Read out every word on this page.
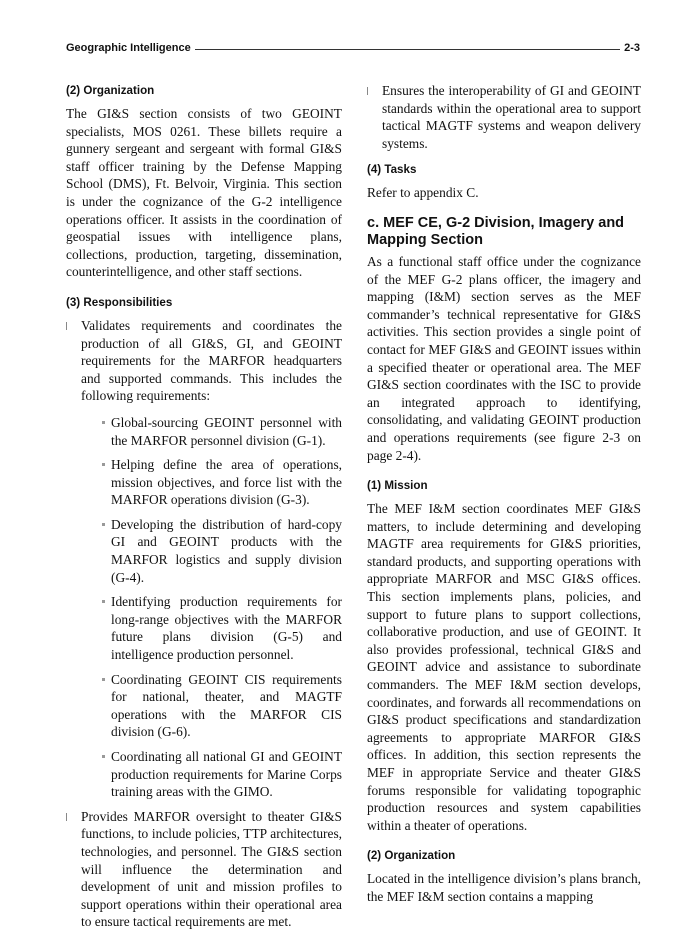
Geographic Intelligence	2-3
(2) Organization
The GI&S section consists of two GEOINT specialists, MOS 0261. These billets require a gunnery sergeant and sergeant with formal GI&S staff officer training by the Defense Mapping School (DMS), Ft. Belvoir, Virginia. This section is under the cognizance of the G-2 intelligence operations officer. It assists in the coordination of geospatial issues with intelligence plans, collections, production, targeting, dissemination, counterintelligence, and other staff sections.
(3) Responsibilities
Validates requirements and coordinates the production of all GI&S, GI, and GEOINT requirements for the MARFOR headquarters and supported commands. This includes the following requirements:
Global-sourcing GEOINT personnel with the MARFOR personnel division (G-1).
Helping define the area of operations, mission objectives, and force list with the MARFOR operations division (G-3).
Developing the distribution of hard-copy GI and GEOINT products with the MARFOR logistics and supply division (G-4).
Identifying production requirements for long-range objectives with the MARFOR future plans division (G-5) and intelligence production personnel.
Coordinating GEOINT CIS requirements for national, theater, and MAGTF operations with the MARFOR CIS division (G-6).
Coordinating all national GI and GEOINT production requirements for Marine Corps training areas with the GIMO.
Provides MARFOR oversight to theater GI&S functions, to include policies, TTP architectures, technologies, and personnel. The GI&S section will influence the determination and development of unit and mission profiles to support operations within their operational area to ensure tactical requirements are met.
Ensures the interoperability of GI and GEOINT standards within the operational area to support tactical MAGTF systems and weapon delivery systems.
(4) Tasks
Refer to appendix C.
c. MEF CE, G-2 Division, Imagery and Mapping Section
As a functional staff office under the cognizance of the MEF G-2 plans officer, the imagery and mapping (I&M) section serves as the MEF commander’s technical representative for GI&S activities. This section provides a single point of contact for MEF GI&S and GEOINT issues within a specified theater or operational area. The MEF GI&S section coordinates with the ISC to provide an integrated approach to identifying, consolidating, and validating GEOINT production and operations requirements (see figure 2-3 on page 2-4).
(1) Mission
The MEF I&M section coordinates MEF GI&S matters, to include determining and developing MAGTF area requirements for GI&S priorities, standard products, and supporting operations with appropriate MARFOR and MSC GI&S offices. This section implements plans, policies, and support to future plans to support collections, collaborative production, and use of GEOINT. It also provides professional, technical GI&S and GEOINT advice and assistance to subordinate commanders. The MEF I&M section develops, coordinates, and forwards all recommendations on GI&S product specifications and standardization agreements to appropriate MARFOR GI&S offices. In addition, this section represents the MEF in appropriate Service and theater GI&S forums responsible for validating topographic production resources and system capabilities within a theater of operations.
(2) Organization
Located in the intelligence division’s plans branch, the MEF I&M section contains a mapping
